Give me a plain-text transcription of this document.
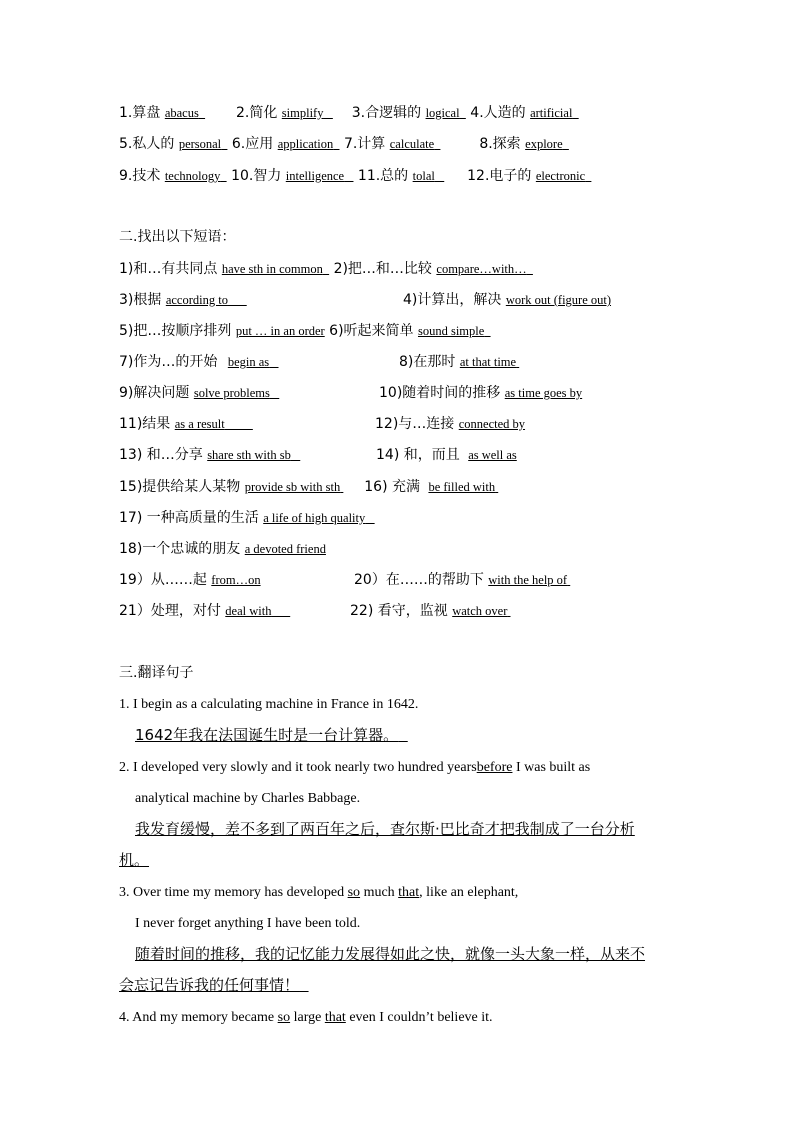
1.算盘 abacus	2.简化 simplify 3.合逻辑的 logical 4.人造的 artificial
5.私人的 personal 6.应用 application 7.计算 calculate	8.探索 explore
9.技术 technology 10.智力 intelligence 11.总的 tolal 12.电子的 electronic
二.找出以下短语：
1)和…有共同点 have sth in common 2)把…和…比较 compare…with…
3)根据 according to	4)计算出，解决 work out (figure out)
5)把…按顺序排列 put … in an order 6)听起来简单 sound simple
7)作为…的开始 begin as	8)在那时 at that time
9)解决问题 solve problems	10)随着时间的推移 as time goes by
11)结果 as a result	12)与…连接 connected by
13) 和…分享 share sth with sb	14) 和，而且 as well as
15)提供给某人某物 provide sb with sth 16) 充满 be filled with
17) 一种高质量的生活 a life of high quality
18)一个忠诚的朋友 a devoted friend
19）从……起 from…on	20）在……的帮助下 with the help of
21）处理，对付 deal with	22) 看守，监视 watch over
三.翻译句子
1. I begin as a calculating machine in France in 1642.
1642年我在法国诞生时是一台计算器。
2. I developed very slowly and it took nearly two hundred yearsbefore I was built as
analytical machine by Charles Babbage.
我发育缓慢，差不多到了两百年之后，查尔斯·巴比奇才把我制成了一台分析
机。
3. Over time my memory has developed so much that, like an elephant,
I never forget anything I have been told.
随着时间的推移，我的记忆能力发展得如此之快，就像一头大象一样，从来不
会忘记告诉我的任何事情！
4. And my memory became so large that even I couldn’t believe it.
